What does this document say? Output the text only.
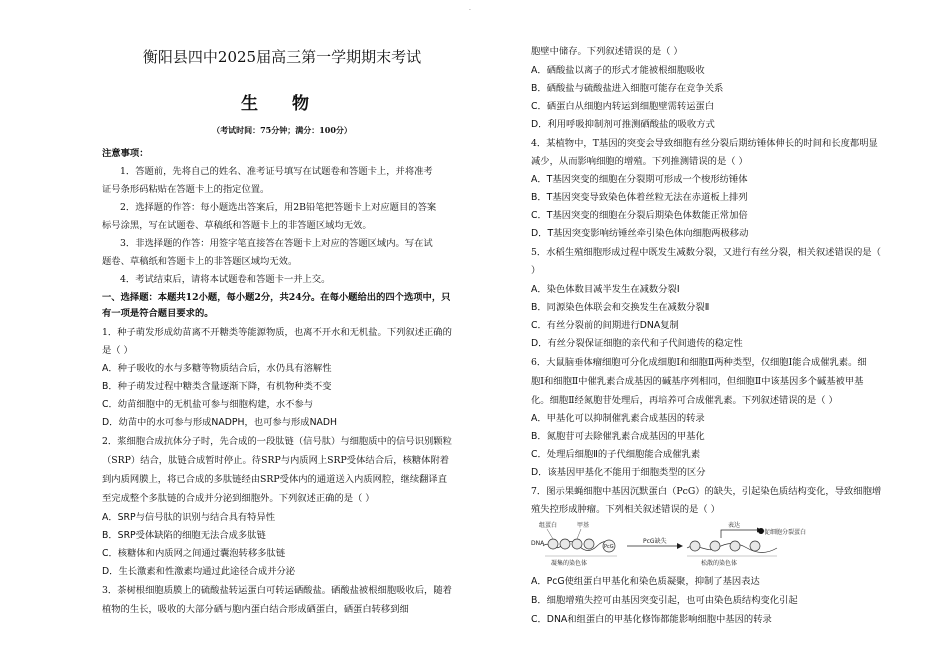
.
衡阳县四中2025届高三第一学期期末考试
生 物
（考试时间：75分钟；满分：100分）
注意事项：
1．答题前，先将自己的姓名、准考证号填写在试题卷和答题卡上，并将准考
证号条形码粘贴在答题卡上的指定位置。
2．选择题的作答：每小题选出答案后，用2B铅笔把答题卡上对应题目的答案
标号涂黑，写在试题卷、草稿纸和答题卡上的非答题区域均无效。
3．非选择题的作答：用签字笔直接答在答题卡上对应的答题区域内。写在试
题卷、草稿纸和答题卡上的非答题区域均无效。
4．考试结束后，请将本试题卷和答题卡一并上交。
一、选择题：本题共12小题，每小题2分，共24分。在每小题给出的四个选项中，只
有一项是符合题目要求的。
1．种子萌发形成幼苗离不开糖类等能源物质，也离不开水和无机盐。下列叙述正确的
是（ ）
A．种子吸收的水与多糖等物质结合后，水仍具有溶解性
B．种子萌发过程中糖类含量逐渐下降，有机物种类不变
C．幼苗细胞中的无机盐可参与细胞构建，水不参与
D．幼苗中的水可参与形成NADPH，也可参与形成NADH
2．浆细胞合成抗体分子时，先合成的一段肽链（信号肽）与细胞质中的信号识别颗粒
（SRP）结合，肽链合成暂时停止。待SRP与内质网上SRP受体结合后，核糖体附着
到内质网膜上，将已合成的多肽链经由SRP受体内的通道送入内质网腔，继续翻译直
至完成整个多肽链的合成并分泌到细胞外。下列叙述正确的是（ ）
A．SRP与信号肽的识别与结合具有特异性
B．SRP受体缺陷的细胞无法合成多肽链
C．核糖体和内质网之间通过囊泡转移多肽链
D．生长激素和性激素均通过此途径合成并分泌
3．茶树根细胞质膜上的硫酸盐转运蛋白可转运硒酸盐。硒酸盐被根细胞吸收后，随着
植物的生长，吸收的大部分硒与胞内蛋白结合形成硒蛋白，硒蛋白转移到细
胞壁中储存。下列叙述错误的是（ ）
A．硒酸盐以离子的形式才能被根细胞吸收
B．硒酸盐与硫酸盐进入细胞可能存在竞争关系
C．硒蛋白从细胞内转运到细胞壁需转运蛋白
D．利用呼吸抑制剂可推测硒酸盐的吸收方式
4．某植物中，T基因的突变会导致细胞有丝分裂后期纺锤体伸长的时间和长度都明显
减少，从而影响细胞的增殖。下列推测错误的是（ ）
A．T基因突变的细胞在分裂期可形成一个梭形纺锤体
B．T基因突变导致染色体着丝粒无法在赤道板上排列
C．T基因突变的细胞在分裂后期染色体数能正常加倍
D．T基因突变影响纺锤丝牵引染色体向细胞两极移动
5．水稻生殖细胞形成过程中既发生减数分裂，又进行有丝分裂，相关叙述错误的是（
）
A．染色体数目减半发生在减数分裂Ⅰ
B．同源染色体联会和交换发生在减数分裂Ⅱ
C．有丝分裂前的间期进行DNA复制
D．有丝分裂保证细胞的亲代和子代间遗传的稳定性
6．大鼠脑垂体瘤细胞可分化成细胞Ⅰ和细胞Ⅱ两种类型，仅细胞Ⅰ能合成催乳素。细
胞Ⅰ和细胞Ⅱ中催乳素合成基因的碱基序列相同，但细胞Ⅱ中该基因多个碱基被甲基
化。细胞Ⅱ经氮胞苷处理后，再培养可合成催乳素。下列叙述错误的是（ ）
A．甲基化可以抑制催乳素合成基因的转录
B．氮胞苷可去除催乳素合成基因的甲基化
C．处理后细胞Ⅱ的子代细胞能合成催乳素
D．该基因甲基化不能用于细胞类型的区分
7．图示果蝇细胞中基因沉默蛋白（PcG）的缺失，引起染色质结构变化，导致细胞增
殖失控形成肿瘤。下列相关叙述错误的是（ ）
A．PcG使组蛋白甲基化和染色质凝聚，抑制了基因表达
B．细胞增殖失控可由基因突变引起，也可由染色质结构变化引起
C．DNA和组蛋白的甲基化修饰都能影响细胞中基因的转录
组蛋白	甲基
DNA
凝集的染色体
PcG缺失
松散的染色体
表达
促细胞分裂蛋白
PcG
